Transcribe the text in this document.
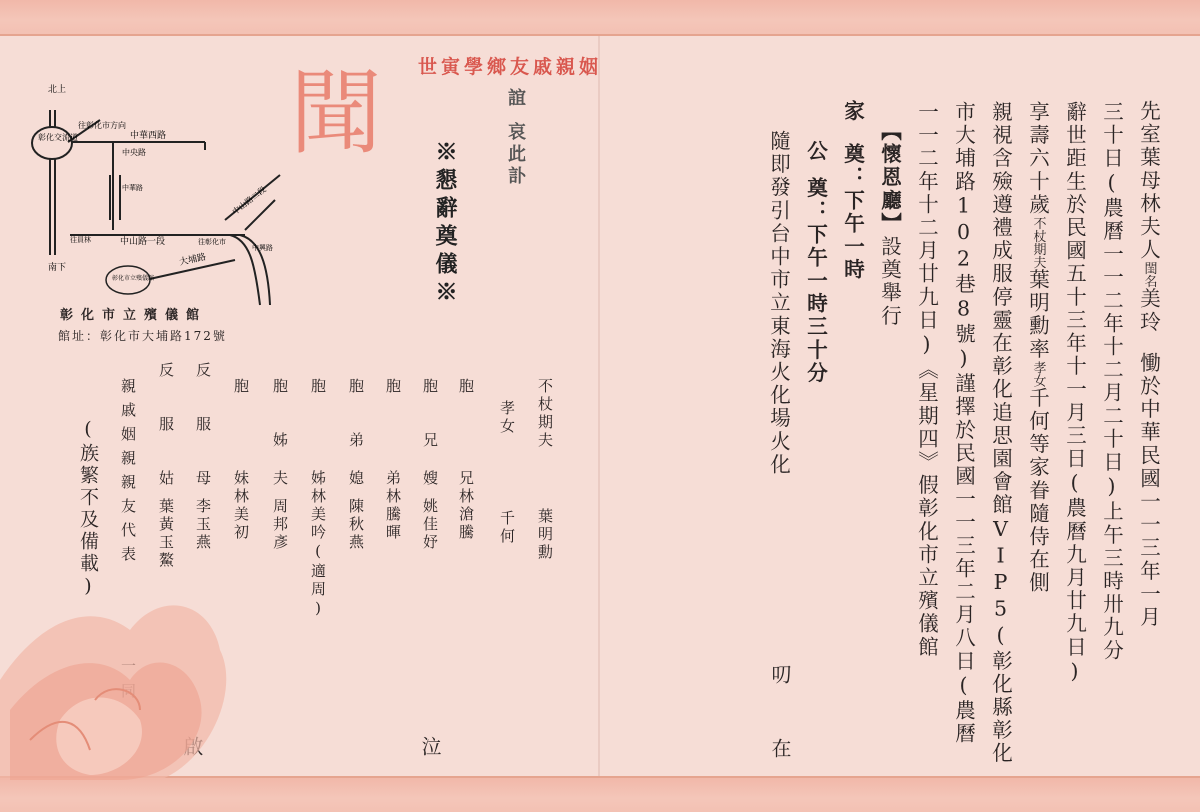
世寅學鄉友戚親姻
聞	誼
哀此訃
※懇辭奠儀※	先室葉母林夫人閨名美玲慟於中華民國一一三年一月
三十日(農曆一一二年十二月二十日)上午三時卅九分
辭世距生於民國五十三年十一月三日(農曆九月廿九日)
享壽六十歲不杖期夫葉明勳率孝女千何等家眷隨侍在側
親視含殮遵禮成服停靈在彰化追思園會館VIP5(彰化縣彰化
市大埔路102巷8號)謹擇於民國一一三年二月八日(農曆
一一二年十二月廿九日)《星期四》假彰化市立殯儀館
【懷恩廳】設奠舉行
家奠：下午一時
公奠：下午一時三十分
隨即發引台中市立東海火化場火化
叨
在
不杖期夫
葉明勳
孝女
千何
胞
兄林滄騰
胞
兄
嫂姚佳妤
胞
弟林騰暉
胞
弟
媳陳秋燕
胞
姊林美吟(適周)
胞
姊
夫周邦彥
胞
妹林美初
反服母李玉燕
反服姑葉黃玉鰲
親戚姻親親友代表
(族繁不及備載)
泣
北上
南下
彰化交流道
往彰化市方向
中華西路
中央路
中華路
往員林	中山路一段	往彰化市
中山路二段
大埔路
中興路
彰化市立殯儀館
彰化市立殯儀館
館址：彰化市大埔路172號
